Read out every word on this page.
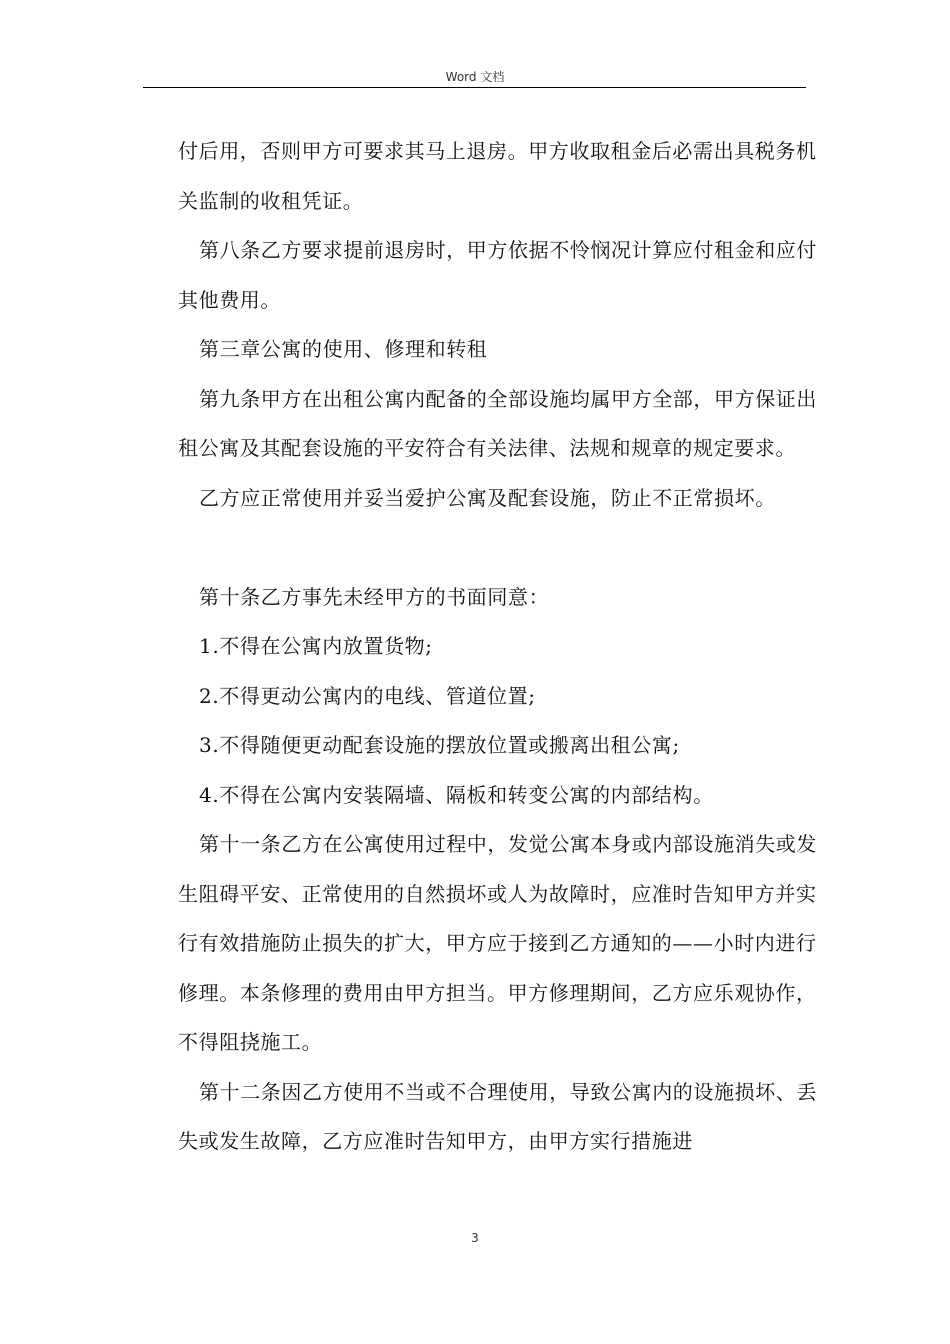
Word 文档

付后用，否则甲方可要求其马上退房。甲方收取租金后必需出具税务机关监制的收租凭证。

第八条乙方要求提前退房时，甲方依据不怜悯况计算应付租金和应付其他费用。

第三章公寓的使用、修理和转租

第九条甲方在出租公寓内配备的全部设施均属甲方全部，甲方保证出租公寓及其配套设施的平安符合有关法律、法规和规章的规定要求。

乙方应正常使用并妥当爱护公寓及配套设施，防止不正常损坏。

第十条乙方事先未经甲方的书面同意：

1.不得在公寓内放置货物;

2.不得更动公寓内的电线、管道位置;

3.不得随便更动配套设施的摆放位置或搬离出租公寓;

4.不得在公寓内安装隔墙、隔板和转变公寓的内部结构。

第十一条乙方在公寓使用过程中，发觉公寓本身或内部设施消失或发生阻碍平安、正常使用的自然损坏或人为故障时，应准时告知甲方并实行有效措施防止损失的扩大，甲方应于接到乙方通知的——小时内进行修理。本条修理的费用由甲方担当。甲方修理期间，乙方应乐观协作，不得阻挠施工。

第十二条因乙方使用不当或不合理使用，导致公寓内的设施损坏、丢失或发生故障，乙方应准时告知甲方，由甲方实行措施进

3
